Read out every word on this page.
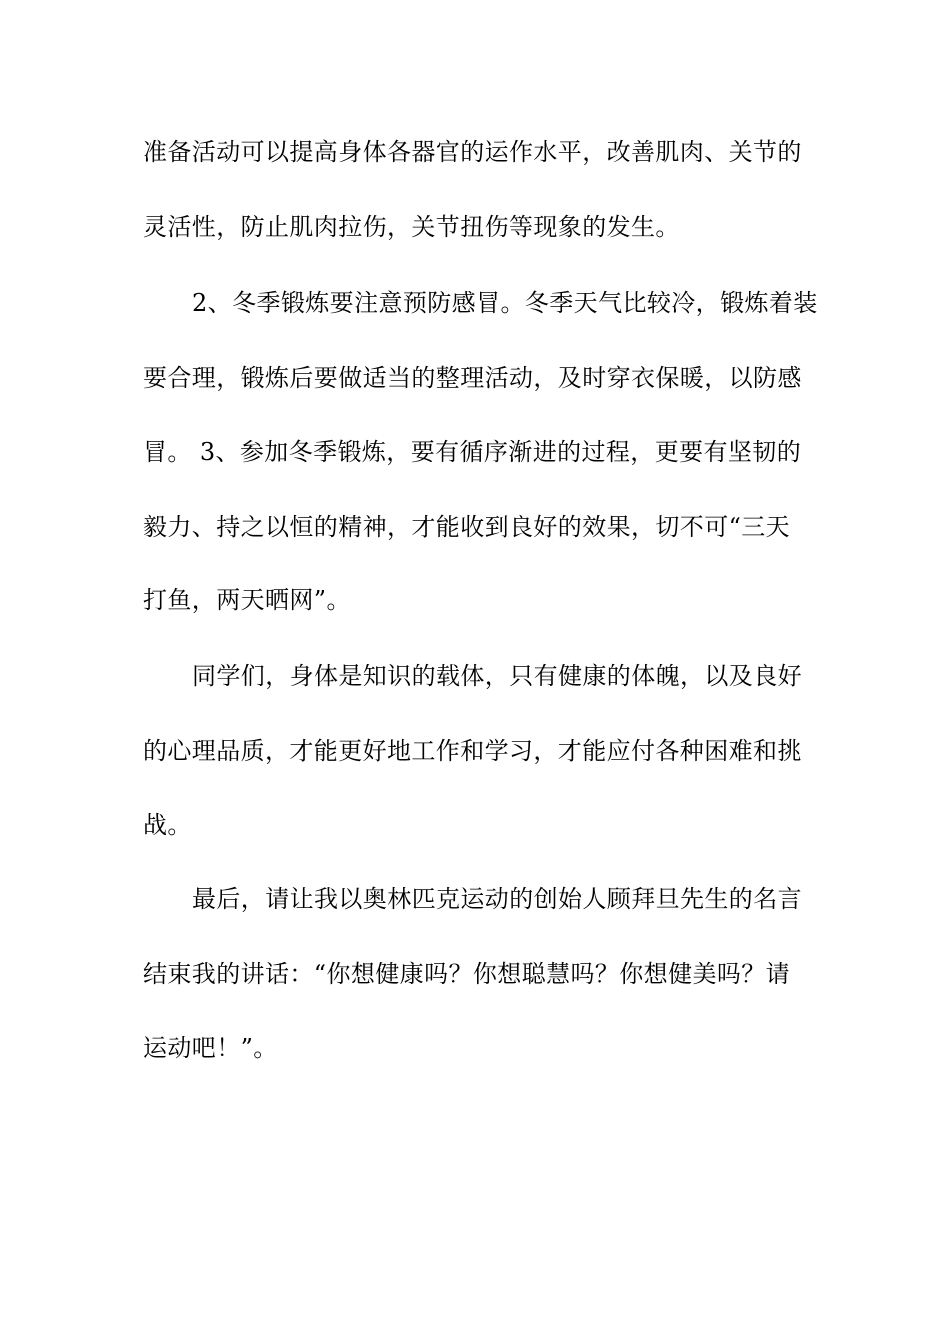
准备活动可以提高身体各器官的运作水平，改善肌肉、关节的
灵活性，防止肌肉拉伤，关节扭伤等现象的发生。
2、冬季锻炼要注意预防感冒。冬季天气比较冷，锻炼着装
要合理，锻炼后要做适当的整理活动，及时穿衣保暖，以防感
冒。 3、参加冬季锻炼，要有循序渐进的过程，更要有坚韧的
毅力、持之以恒的精神，才能收到良好的效果，切不可“三天
打鱼，两天晒网”。
同学们，身体是知识的载体，只有健康的体魄，以及良好
的心理品质，才能更好地工作和学习，才能应付各种困难和挑
战。
最后，请让我以奥林匹克运动的创始人顾拜旦先生的名言
结束我的讲话：“你想健康吗？你想聪慧吗？你想健美吗？请
运动吧！”。
